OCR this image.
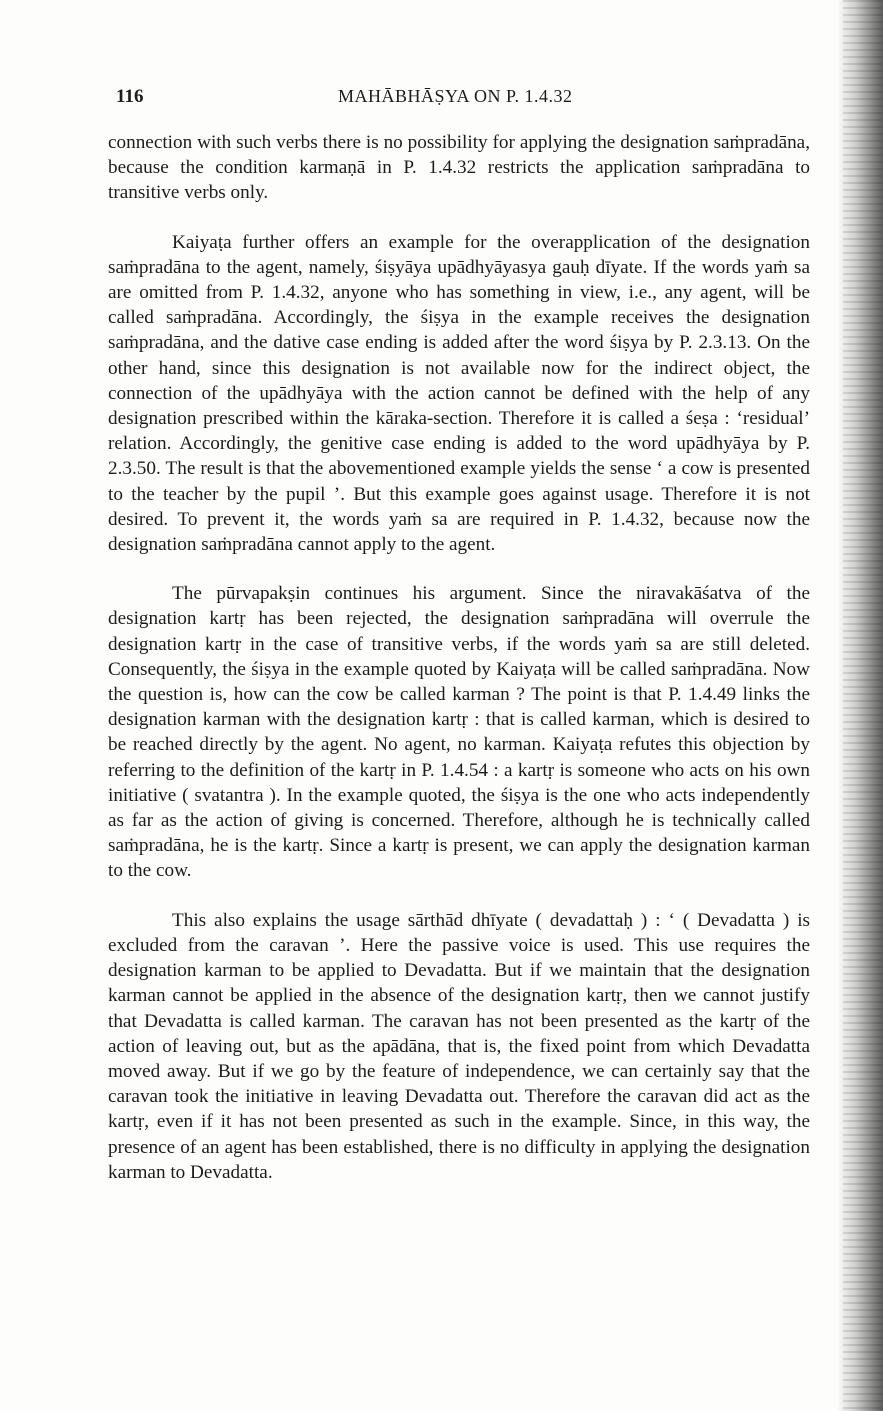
116	MAHĀBHĀṢYA ON P. 1.4.32

connection with such verbs there is no possibility for applying the designation saṁpradāna, because the condition karmaṇā in P. 1.4.32 restricts the application saṁpradāna to transitive verbs only.

Kaiyaṭa further offers an example for the overapplication of the designation saṁpradāna to the agent, namely, śiṣyāya upādhyāyasya gauḥ dīyate. If the words yaṁ sa are omitted from P. 1.4.32, anyone who has something in view, i.e., any agent, will be called saṁpradāna. Accordingly, the śiṣya in the example receives the designation saṁpradāna, and the dative case ending is added after the word śiṣya by P. 2.3.13. On the other hand, since this designation is not available now for the indirect object, the connection of the upādhyāya with the action cannot be defined with the help of any designation prescribed within the kāraka-section. Therefore it is called a śeṣa : ‘residual’ relation. Accordingly, the genitive case ending is added to the word upādhyāya by P. 2.3.50. The result is that the abovementioned example yields the sense ‘ a cow is presented to the teacher by the pupil ’. But this example goes against usage. Therefore it is not desired. To prevent it, the words yaṁ sa are required in P. 1.4.32, because now the designation saṁpradāna cannot apply to the agent.

The pūrvapakṣin continues his argument. Since the niravakāśatva of the designation kartṛ has been rejected, the designation saṁpradāna will overrule the designation kartṛ in the case of transitive verbs, if the words yaṁ sa are still deleted. Consequently, the śiṣya in the example quoted by Kaiyaṭa will be called saṁpradāna. Now the question is, how can the cow be called karman ? The point is that P. 1.4.49 links the designation karman with the designation kartṛ : that is called karman, which is desired to be reached directly by the agent. No agent, no karman. Kaiyaṭa refutes this objection by referring to the definition of the kartṛ in P. 1.4.54 : a kartṛ is someone who acts on his own initiative ( svatantra ). In the example quoted, the śiṣya is the one who acts independently as far as the action of giving is concerned. Therefore, although he is technically called saṁpradāna, he is the kartṛ. Since a kartṛ is present, we can apply the designation karman to the cow.

This also explains the usage sārthād dhīyate ( devadattaḥ ) : ‘ ( Devadatta ) is excluded from the caravan ’. Here the passive voice is used. This use requires the designation karman to be applied to Devadatta. But if we maintain that the designation karman cannot be applied in the absence of the designation kartṛ, then we cannot justify that Devadatta is called karman. The caravan has not been presented as the kartṛ of the action of leaving out, but as the apādāna, that is, the fixed point from which Devadatta moved away. But if we go by the feature of independence, we can certainly say that the caravan took the initiative in leaving Devadatta out. Therefore the caravan did act as the kartṛ, even if it has not been presented as such in the example. Since, in this way, the presence of an agent has been established, there is no difficulty in applying the designation karman to Devadatta.
